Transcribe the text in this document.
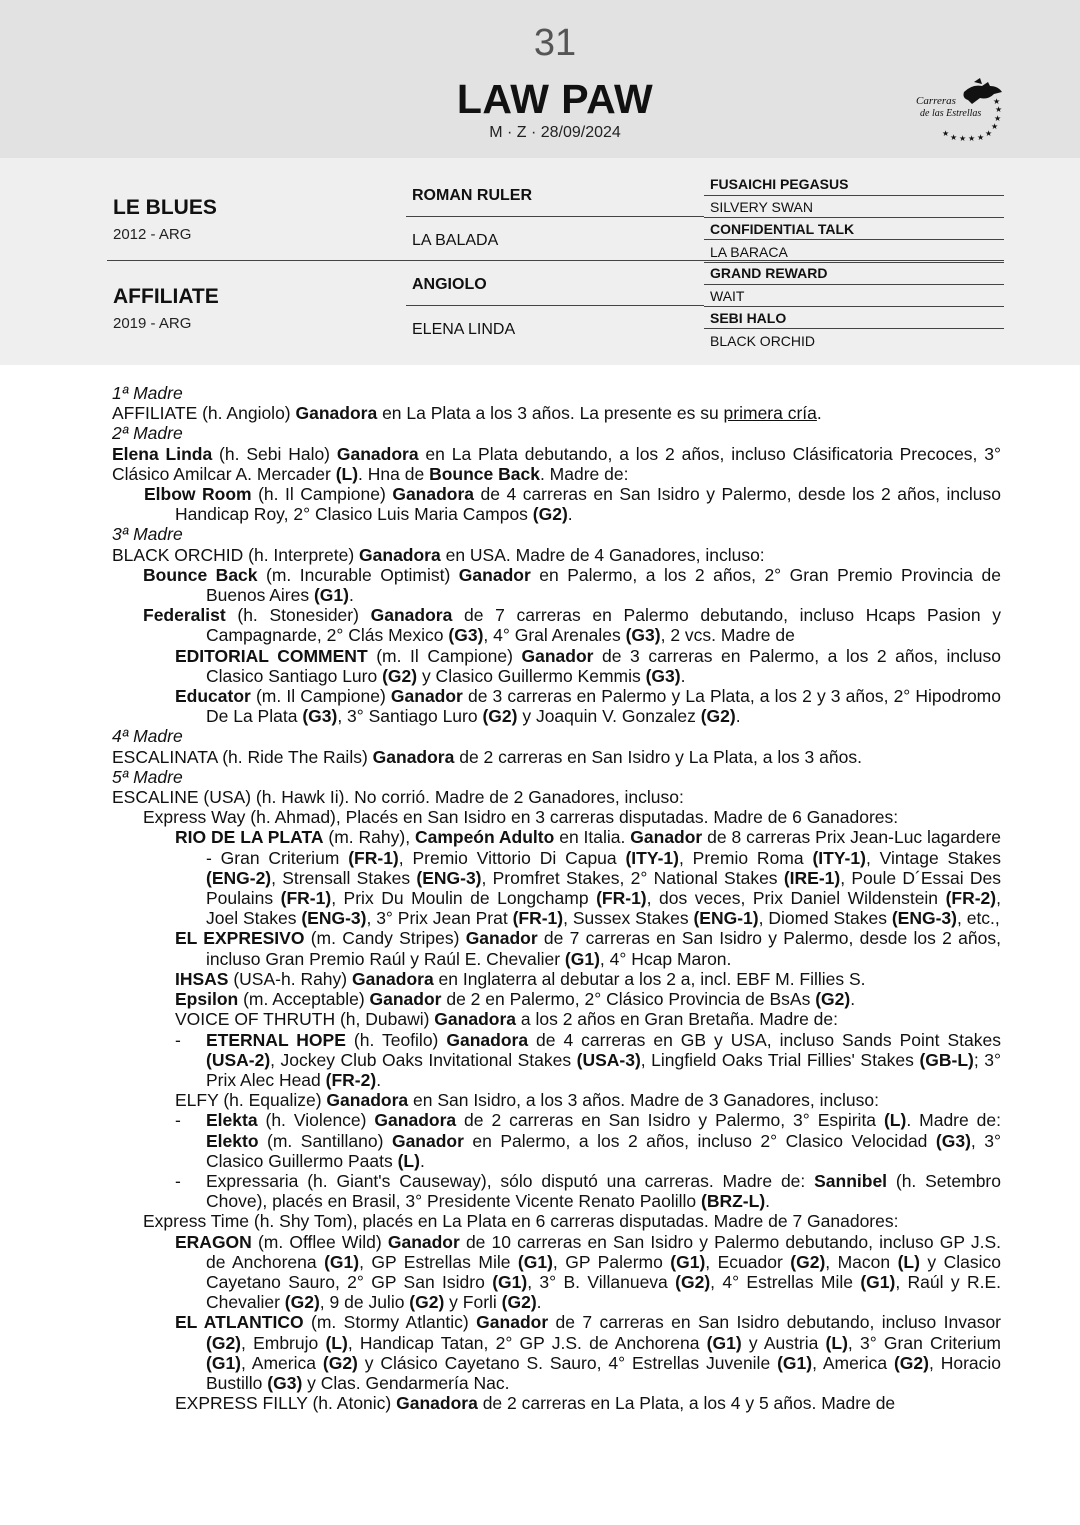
31
LAW PAW
M · Z · 28/09/2024
Carreras
de las Estrellas
★ ★ ★ ★ ★
★
★
★
★
★
LE BLUES
2012 - ARG
AFFILIATE
2019 - ARG
ROMAN RULER
LA BALADA
ANGIOLO
ELENA LINDA
FUSAICHI PEGASUS
SILVERY SWAN
CONFIDENTIAL TALK
LA BARACA
GRAND REWARD
WAIT
SEBI HALO
BLACK ORCHID

1ª Madre

AFFILIATE (h. Angiolo) Ganadora en La Plata a los 3 años. La presente es su primera cría.

2ª Madre

Elena Linda (h. Sebi Halo) Ganadora en La Plata debutando, a los 2 años, incluso Clásificatoria Precoces, 3° Clásico Amilcar A. Mercader (L). Hna de Bounce Back. Madre de:

Elbow Room (h. Il Campione) Ganadora de 4 carreras en San Isidro y Palermo, desde los 2 años, incluso Handicap Roy, 2° Clasico Luis Maria Campos (G2).

3ª Madre

BLACK ORCHID (h. Interprete) Ganadora en USA. Madre de 4 Ganadores, incluso:

Bounce Back (m. Incurable Optimist) Ganador en Palermo, a los 2 años, 2° Gran Premio Provincia de Buenos Aires (G1).

Federalist (h. Stonesider) Ganadora de 7 carreras en Palermo debutando, incluso Hcaps Pasion y Campagnarde, 2° Clás Mexico (G3), 4° Gral Arenales (G3), 2 vcs. Madre de

EDITORIAL COMMENT (m. Il Campione) Ganador de 3 carreras en Palermo, a los 2 años, incluso Clasico Santiago Luro (G2) y Clasico Guillermo Kemmis (G3).

Educator (m. Il Campione) Ganador de 3 carreras en Palermo y La Plata, a los 2 y 3 años, 2° Hipodromo De La Plata (G3), 3° Santiago Luro (G2) y Joaquin V. Gonzalez (G2).

4ª Madre

ESCALINATA (h. Ride The Rails) Ganadora de 2 carreras en San Isidro y La Plata, a los 3 años.

5ª Madre

ESCALINE (USA) (h. Hawk Ii). No corrió. Madre de 2 Ganadores, incluso:

Express Way (h. Ahmad), Placés en San Isidro en 3 carreras disputadas. Madre de 6 Ganadores:

RIO DE LA PLATA (m. Rahy), Campeón Adulto en Italia. Ganador de 8 carreras Prix Jean-Luc lagardere - Gran Criterium (FR-1), Premio Vittorio Di Capua (ITY-1), Premio Roma (ITY-1), Vintage Stakes (ENG-2), Strensall Stakes (ENG-3), Promfret Stakes, 2° National Stakes (IRE-1), Poule D´Essai Des Poulains (FR-1), Prix Du Moulin de Longchamp (FR-1), dos veces, Prix Daniel Wildenstein (FR-2), Joel Stakes (ENG-3), 3° Prix Jean Prat (FR-1), Sussex Stakes (ENG-1), Diomed Stakes (ENG-3), etc.,

EL EXPRESIVO (m. Candy Stripes) Ganador de 7 carreras en San Isidro y Palermo, desde los 2 años, incluso Gran Premio Raúl y Raúl E. Chevalier (G1), 4° Hcap Maron.

IHSAS (USA-h. Rahy) Ganadora en Inglaterra al debutar a los 2 a, incl. EBF M. Fillies S.

Epsilon (m. Acceptable) Ganador de 2 en Palermo, 2° Clásico Provincia de BsAs (G2).

VOICE OF THRUTH (h, Dubawi) Ganadora a los 2 años en Gran Bretaña. Madre de:

- ETERNAL HOPE (h. Teofilo) Ganadora de 4 carreras en GB y USA, incluso Sands Point Stakes (USA-2), Jockey Club Oaks Invitational Stakes (USA-3), Lingfield Oaks Trial Fillies' Stakes (GB-L); 3° Prix Alec Head (FR-2).

ELFY (h. Equalize) Ganadora en San Isidro, a los 3 años. Madre de 3 Ganadores, incluso:

- Elekta (h. Violence) Ganadora de 2 carreras en San Isidro y Palermo, 3° Espirita (L). Madre de: Elekto (m. Santillano) Ganador en Palermo, a los 2 años, incluso 2° Clasico Velocidad (G3), 3° Clasico Guillermo Paats (L).

- Expressaria (h. Giant's Causeway), sólo disputó una carreras. Madre de: Sannibel (h. Setembro Chove), placés en Brasil, 3° Presidente Vicente Renato Paolillo (BRZ-L).

Express Time (h. Shy Tom), placés en La Plata en 6 carreras disputadas. Madre de 7 Ganadores:

ERAGON (m. Offlee Wild) Ganador de 10 carreras en San Isidro y Palermo debutando, incluso GP J.S. de Anchorena (G1), GP Estrellas Mile (G1), GP Palermo (G1), Ecuador (G2), Macon (L) y Clasico Cayetano Sauro, 2° GP San Isidro (G1), 3° B. Villanueva (G2), 4° Estrellas Mile (G1), Raúl y R.E. Chevalier (G2), 9 de Julio (G2) y Forli (G2).

EL ATLANTICO (m. Stormy Atlantic) Ganador de 7 carreras en San Isidro debutando, incluso Invasor (G2), Embrujo (L), Handicap Tatan, 2° GP J.S. de Anchorena (G1) y Austria (L), 3° Gran Criterium (G1), America (G2) y Clásico Cayetano S. Sauro, 4° Estrellas Juvenile (G1), America (G2), Horacio Bustillo (G3) y Clas. Gendarmería Nac.

EXPRESS FILLY (h. Atonic) Ganadora de 2 carreras en La Plata, a los 4 y 5 años. Madre de
